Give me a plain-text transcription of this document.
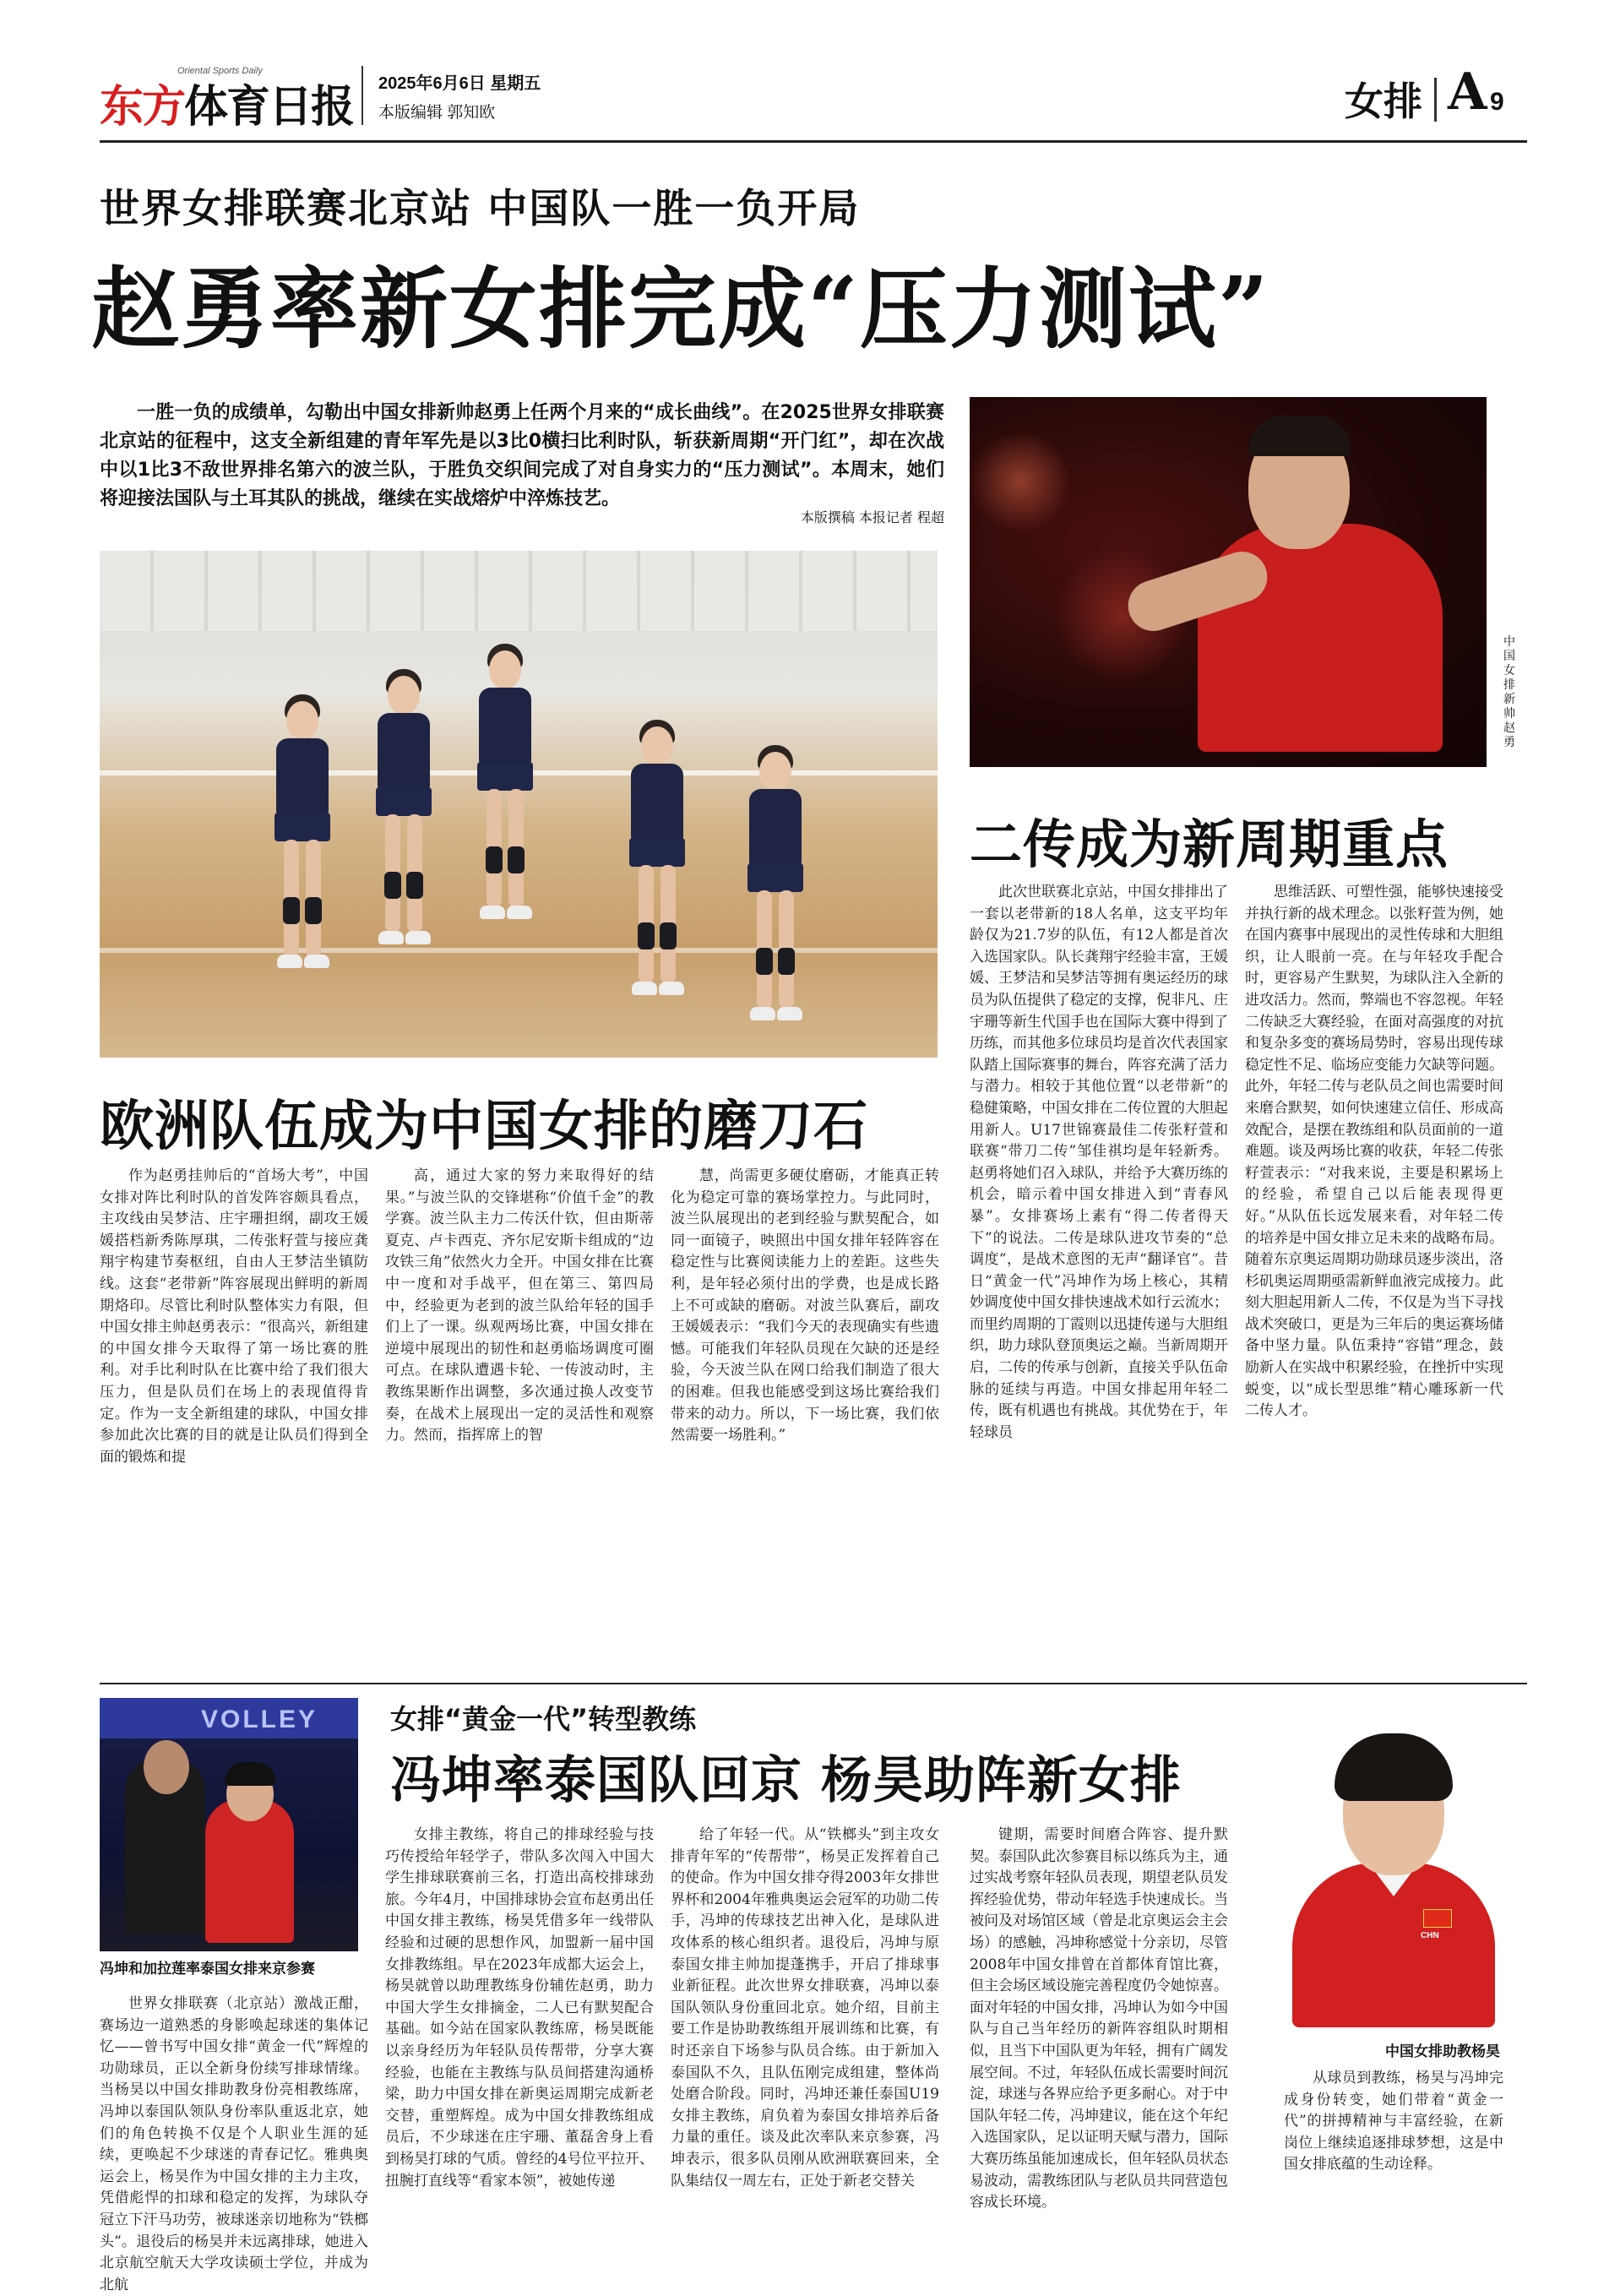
东方体育日报
Oriental Sports Daily
2025年6月6日 星期五
本版编辑 郭知欧	女排 A 9
世界女排联赛北京站 中国队一胜一负开局
赵勇率新女排完成“压力测试”
一胜一负的成绩单，勾勒出中国女排新帅赵勇上任两个月来的“成长曲线”。在2025世界女排联赛北京站的征程中，这支全新组建的青年军先是以3比0横扫比利时队，斩获新周期“开门红”，却在次战中以1比3不敌世界排名第六的波兰队，于胜负交织间完成了对自身实力的“压力测试”。本周末，她们将迎接法国队与土耳其队的挑战，继续在实战熔炉中淬炼技艺。
本版撰稿 本报记者 程超
中国女排新帅赵勇
欧洲队伍成为中国女排的磨刀石
二传成为新周期重点

作为赵勇挂帅后的“首场大考”，中国女排对阵比利时队的首发阵容颇具看点，主攻线由吴梦洁、庄宇珊担纲，副攻王媛媛搭档新秀陈厚琪，二传张籽萱与接应龚翔宇构建节奏枢纽，自由人王梦洁坐镇防线。这套“老带新”阵容展现出鲜明的新周期烙印。尽管比利时队整体实力有限，但中国女排主帅赵勇表示：“很高兴，新组建的中国女排今天取得了第一场比赛的胜利。对手比利时队在比赛中给了我们很大压力，但是队员们在场上的表现值得肯定。作为一支全新组建的球队，中国女排参加此次比赛的目的就是让队员们得到全面的锻炼和提

高，通过大家的努力来取得好的结果。”与波兰队的交锋堪称“价值千金”的教学赛。波兰队主力二传沃什钦，但由斯蒂夏克、卢卡西克、齐尔尼安斯卡组成的“边攻铁三角”依然火力全开。中国女排在比赛中一度和对手战平，但在第三、第四局中，经验更为老到的波兰队给年轻的国手们上了一课。纵观两场比赛，中国女排在逆境中展现出的韧性和赵勇临场调度可圈可点。在球队遭遇卡轮、一传波动时，主教练果断作出调整，多次通过换人改变节奏，在战术上展现出一定的灵活性和观察力。然而，指挥席上的智

慧，尚需更多硬仗磨砺，才能真正转化为稳定可靠的赛场掌控力。与此同时，波兰队展现出的老到经验与默契配合，如同一面镜子，映照出中国女排年轻阵容在稳定性与比赛阅读能力上的差距。这些失利，是年轻必须付出的学费，也是成长路上不可或缺的磨砺。对波兰队赛后，副攻王媛媛表示：“我们今天的表现确实有些遗憾。可能我们年轻队员现在欠缺的还是经验，今天波兰队在网口给我们制造了很大的困难。但我也能感受到这场比赛给我们带来的动力。所以，下一场比赛，我们依然需要一场胜利。”

此次世联赛北京站，中国女排排出了一套以老带新的18人名单，这支平均年龄仅为21.7岁的队伍，有12人都是首次入选国家队。队长龚翔宇经验丰富，王媛媛、王梦洁和吴梦洁等拥有奥运经历的球员为队伍提供了稳定的支撑，倪非凡、庄宇珊等新生代国手也在国际大赛中得到了历练，而其他多位球员均是首次代表国家队踏上国际赛事的舞台，阵容充满了活力与潜力。相较于其他位置“以老带新”的稳健策略，中国女排在二传位置的大胆起用新人。U17世锦赛最佳二传张籽萱和联赛“带刀二传”邹佳祺均是年轻新秀。赵勇将她们召入球队，并给予大赛历练的机会，暗示着中国女排进入到“青春风暴”。女排赛场上素有“得二传者得天下”的说法。二传是球队进攻节奏的“总调度”，是战术意图的无声“翻译官”。昔日“黄金一代”冯坤作为场上核心，其精妙调度使中国女排快速战术如行云流水；而里约周期的丁霞则以迅捷传递与大胆组织，助力球队登顶奥运之巅。当新周期开启，二传的传承与创新，直接关乎队伍命脉的延续与再造。中国女排起用年轻二传，既有机遇也有挑战。其优势在于，年轻球员

思维活跃、可塑性强，能够快速接受并执行新的战术理念。以张籽萱为例，她在国内赛事中展现出的灵性传球和大胆组织，让人眼前一亮。在与年轻攻手配合时，更容易产生默契，为球队注入全新的进攻活力。然而，弊端也不容忽视。年轻二传缺乏大赛经验，在面对高强度的对抗和复杂多变的赛场局势时，容易出现传球稳定性不足、临场应变能力欠缺等问题。此外，年轻二传与老队员之间也需要时间来磨合默契，如何快速建立信任、形成高效配合，是摆在教练组和队员面前的一道难题。谈及两场比赛的收获，年轻二传张籽萱表示：“对我来说，主要是积累场上的经验，希望自己以后能表现得更好。”从队伍长远发展来看，对年轻二传的培养是中国女排立足未来的战略布局。随着东京奥运周期功勋球员逐步淡出，洛杉矶奥运周期亟需新鲜血液完成接力。此刻大胆起用新人二传，不仅是为当下寻找战术突破口，更是为三年后的奥运赛场储备中坚力量。队伍秉持“容错”理念，鼓励新人在实战中积累经验，在挫折中实现蜕变，以“成长型思维”精心雕琢新一代二传人才。

VOLLEY
冯坤和加拉莲率泰国女排来京参赛
女排“黄金一代”转型教练
冯坤率泰国队回京 杨昊助阵新女排

世界女排联赛（北京站）激战正酣，赛场边一道熟悉的身影唤起球迷的集体记忆——曾书写中国女排“黄金一代”辉煌的功勋球员，正以全新身份续写排球情缘。当杨昊以中国女排助教身份亮相教练席，冯坤以泰国队领队身份率队重返北京，她们的角色转换不仅是个人职业生涯的延续，更唤起不少球迷的青春记忆。雅典奥运会上，杨昊作为中国女排的主力主攻，凭借彪悍的扣球和稳定的发挥，为球队夺冠立下汗马功劳，被球迷亲切地称为“铁榔头”。退役后的杨昊并未远离排球，她进入北京航空航天大学攻读硕士学位，并成为北航

女排主教练，将自己的排球经验与技巧传授给年轻学子，带队多次闯入中国大学生排球联赛前三名，打造出高校排球劲旅。今年4月，中国排球协会宣布赵勇出任中国女排主教练，杨昊凭借多年一线带队经验和过硬的思想作风，加盟新一届中国女排教练组。早在2023年成都大运会上，杨昊就曾以助理教练身份辅佐赵勇，助力中国大学生女排摘金，二人已有默契配合基础。如今站在国家队教练席，杨昊既能以亲身经历为年轻队员传帮带，分享大赛经验，也能在主教练与队员间搭建沟通桥梁，助力中国女排在新奥运周期完成新老交替，重塑辉煌。成为中国女排教练组成员后，不少球迷在庄宇珊、董磊舍身上看到杨昊打球的气质。曾经的4号位平拉开、扭腕打直线等“看家本领”，被她传递

给了年轻一代。从“铁榔头”到主攻女排青年军的“传帮带”，杨昊正发挥着自己的使命。作为中国女排夺得2003年女排世界杯和2004年雅典奥运会冠军的功勋二传手，冯坤的传球技艺出神入化，是球队进攻体系的核心组织者。退役后，冯坤与原泰国女排主帅加提蓬携手，开启了排球事业新征程。此次世界女排联赛，冯坤以泰国队领队身份重回北京。她介绍，目前主要工作是协助教练组开展训练和比赛，有时还亲自下场参与队员合练。由于新加入泰国队不久，且队伍刚完成组建，整体尚处磨合阶段。同时，冯坤还兼任泰国U19女排主教练，肩负着为泰国女排培养后备力量的重任。谈及此次率队来京参赛，冯坤表示，很多队员刚从欧洲联赛回来，全队集结仅一周左右，正处于新老交替关

键期，需要时间磨合阵容、提升默契。泰国队此次参赛目标以练兵为主，通过实战考察年轻队员表现，期望老队员发挥经验优势，带动年轻选手快速成长。当被问及对场馆区域（曾是北京奥运会主会场）的感触，冯坤称感觉十分亲切，尽管2008年中国女排曾在首都体育馆比赛，但主会场区域设施完善程度仍令她惊喜。面对年轻的中国女排，冯坤认为如今中国队与自己当年经历的新阵容组队时期相似，且当下中国队更为年轻，拥有广阔发展空间。不过，年轻队伍成长需要时间沉淀，球迷与各界应给予更多耐心。对于中国队年轻二传，冯坤建议，能在这个年纪入选国家队，足以证明天赋与潜力，国际大赛历练虽能加速成长，但年轻队员状态易波动，需教练团队与老队员共同营造包容成长环境。

CHN
中国女排助教杨昊

从球员到教练，杨昊与冯坤完成身份转变，她们带着“黄金一代”的拼搏精神与丰富经验，在新岗位上继续追逐排球梦想，这是中国女排底蕴的生动诠释。
